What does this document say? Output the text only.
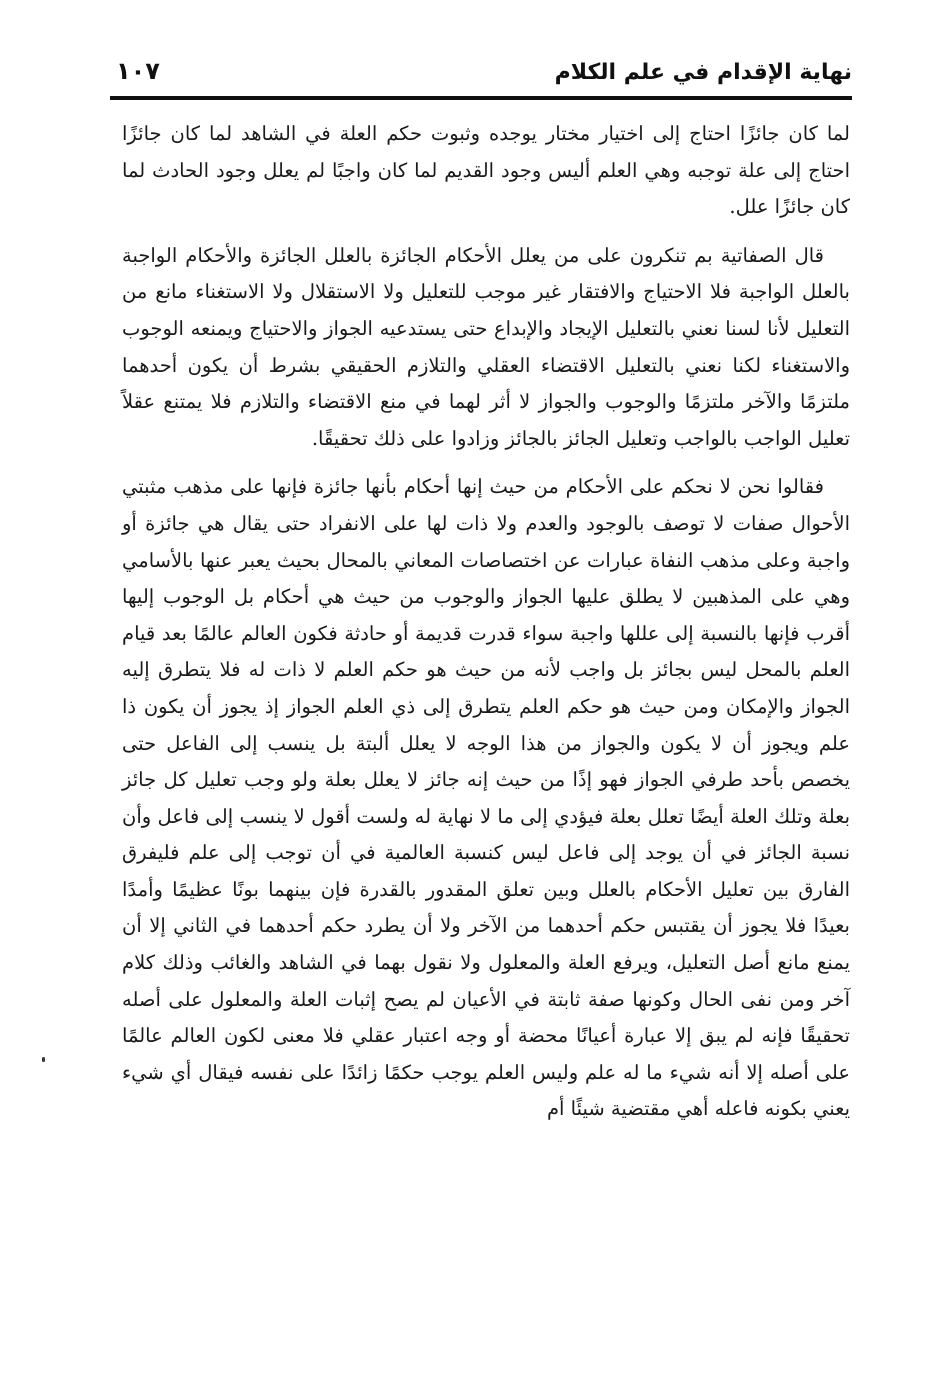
نهاية الإقدام في علم الكلام
١٠٧

لما كان جائزًا احتاج إلى اختيار مختار يوجده وثبوت حكم العلة في الشاهد لما كان جائزًا احتاج إلى علة توجبه وهي العلم أليس وجود القديم لما كان واجبًا لم يعلل وجود الحادث لما كان جائزًا علل.

قال الصفاتية بم تنكرون على من يعلل الأحكام الجائزة بالعلل الجائزة والأحكام الواجبة بالعلل الواجبة فلا الاحتياج والافتقار غير موجب للتعليل ولا الاستقلال ولا الاستغناء مانع من التعليل لأنا لسنا نعني بالتعليل الإيجاد والإبداع حتى يستدعيه الجواز والاحتياج ويمنعه الوجوب والاستغناء لكنا نعني بالتعليل الاقتضاء العقلي والتلازم الحقيقي بشرط أن يكون أحدهما ملتزمًا والآخر ملتزمًا والوجوب والجواز لا أثر لهما في منع الاقتضاء والتلازم فلا يمتنع عقلاً تعليل الواجب بالواجب وتعليل الجائز بالجائز وزادوا على ذلك تحقيقًا.

فقالوا نحن لا نحكم على الأحكام من حيث إنها أحكام بأنها جائزة فإنها على مذهب مثبتي الأحوال صفات لا توصف بالوجود والعدم ولا ذات لها على الانفراد حتى يقال هي جائزة أو واجبة وعلى مذهب النفاة عبارات عن اختصاصات المعاني بالمحال بحيث يعبر عنها بالأسامي وهي على المذهبين لا يطلق عليها الجواز والوجوب من حيث هي أحكام بل الوجوب إليها أقرب فإنها بالنسبة إلى عللها واجبة سواء قدرت قديمة أو حادثة فكون العالم عالمًا بعد قيام العلم بالمحل ليس بجائز بل واجب لأنه من حيث هو حكم العلم لا ذات له فلا يتطرق إليه الجواز والإمكان ومن حيث هو حكم العلم يتطرق إلى ذي العلم الجواز إذ يجوز أن يكون ذا علم ويجوز أن لا يكون والجواز من هذا الوجه لا يعلل ألبتة بل ينسب إلى الفاعل حتى يخصص بأحد طرفي الجواز فهو إذًا من حيث إنه جائز لا يعلل بعلة ولو وجب تعليل كل جائز بعلة وتلك العلة أيضًا تعلل بعلة فيؤدي إلى ما لا نهاية له ولست أقول لا ينسب إلى فاعل وأن نسبة الجائز في أن يوجد إلى فاعل ليس كنسبة العالمية في أن توجب إلى علم فليفرق الفارق بين تعليل الأحكام بالعلل وبين تعلق المقدور بالقدرة فإن بينهما بونًا عظيمًا وأمدًا بعيدًا فلا يجوز أن يقتبس حكم أحدهما من الآخر ولا أن يطرد حكم أحدهما في الثاني إلا أن يمنع مانع أصل التعليل، ويرفع العلة والمعلول ولا نقول بهما في الشاهد والغائب وذلك كلام آخر ومن نفى الحال وكونها صفة ثابتة في الأعيان لم يصح إثبات العلة والمعلول على أصله تحقيقًا فإنه لم يبق إلا عبارة أعيانًا محضة أو وجه اعتبار عقلي فلا معنى لكون العالم عالمًا على أصله إلا أنه شيء ما له علم وليس العلم يوجب حكمًا زائدًا على نفسه فيقال أي شيء يعني بكونه فاعله أهي مقتضية شيئًا أم
